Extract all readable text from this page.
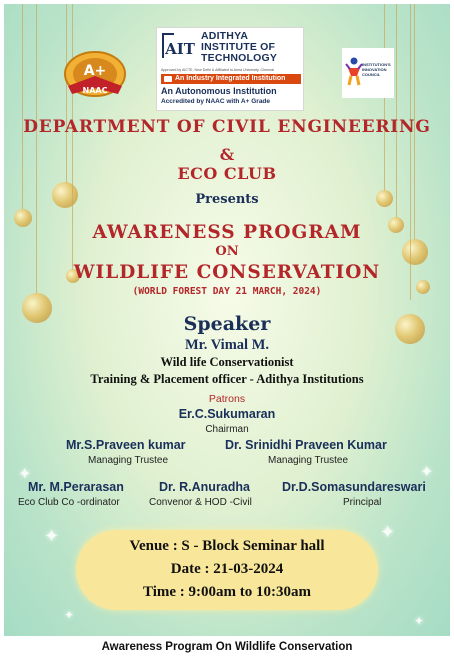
✦	✦
✦	✦
✦	✦
A+
NAAC
AIT
ADITHYA
INSTITUTE OF
TECHNOLOGY
Approved by AICTE, New Delhi & Affiliated to Anna University, Chennai
An Industry Integrated Institution
An Autonomous Institution
Accredited by NAAC with A+ Grade
INSTITUTION'S INNOVATION COUNCIL
DEPARTMENT OF CIVIL ENGINEERING
&
ECO CLUB
Presents
AWARENESS PROGRAM
ON
WILDLIFE CONSERVATION
(WORLD FOREST DAY 21 MARCH, 2024)
Speaker
Mr. Vimal M.
Wild life Conservationist
Training & Placement officer - Adithya Institutions
Patrons
Er.C.Sukumaran
Chairman
Mr.S.Praveen kumar
Managing Trustee
Dr. Srinidhi Praveen Kumar
Managing Trustee
Mr. M.Perarasan
Eco Club Co -ordinator
Dr. R.Anuradha
Convenor & HOD -Civil
Dr.D.Somasundareswari
Principal
Venue : S - Block Seminar hall
Date : 21-03-2024
Time : 9:00am to 10:30am
Awareness Program On Wildlife Conservation
